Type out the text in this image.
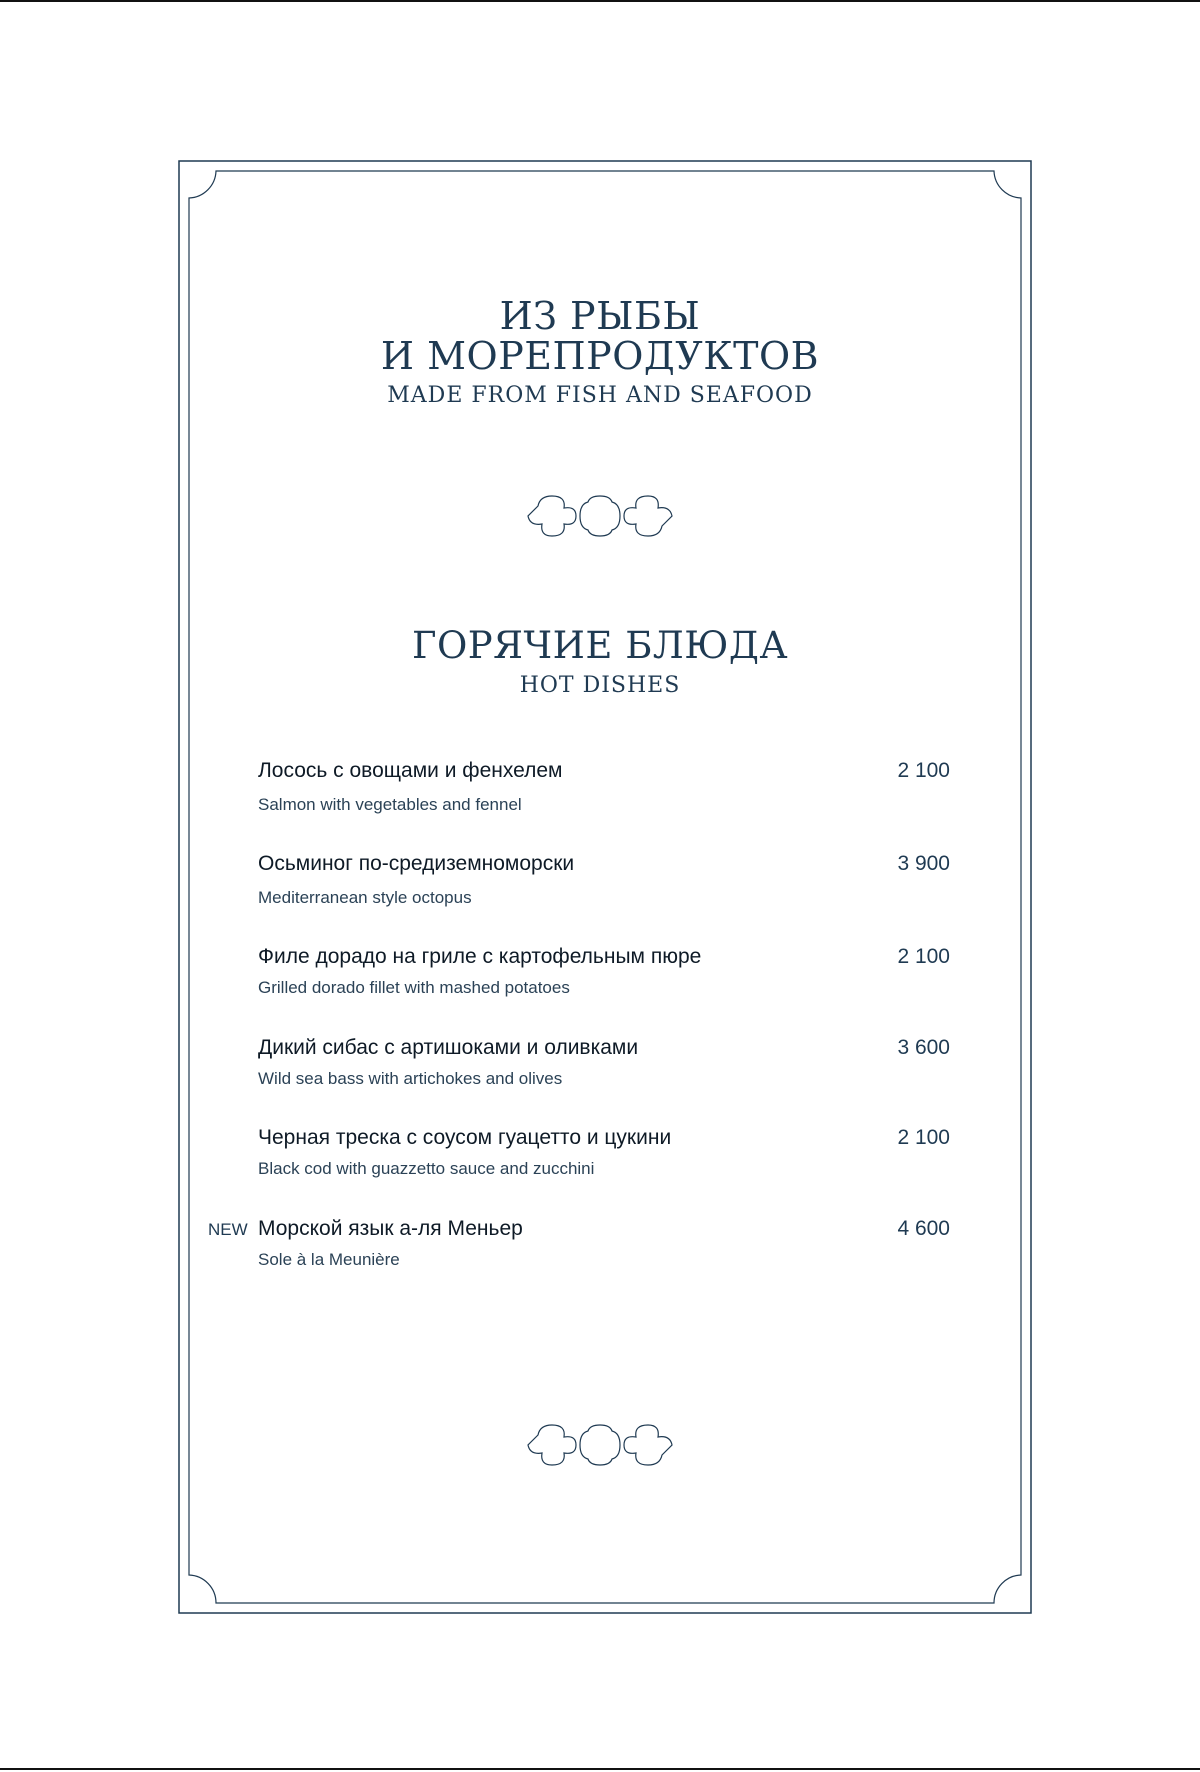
ИЗ РЫБЫ
И МОРЕПРОДУКТОВ
MADE FROM FISH AND SEAFOOD
ГОРЯЧИЕ БЛЮДА
HOT DISHES
Лосось с овощами и фенхелем	2 100
Salmon with vegetables and fennel
Осьминог по-средиземноморски	3 900
Mediterranean style octopus
Филе дорадо на гриле с картофельным пюре	2 100
Grilled dorado fillet with mashed potatoes
Дикий сибас с артишоками и оливками	3 600
Wild sea bass with artichokes and olives
Черная треска с соусом гуацетто и цукини	2 100
Black cod with guazzetto sauce and zucchini
NEW Морской язык а-ля Меньер	4 600
Sole à la Meunière
